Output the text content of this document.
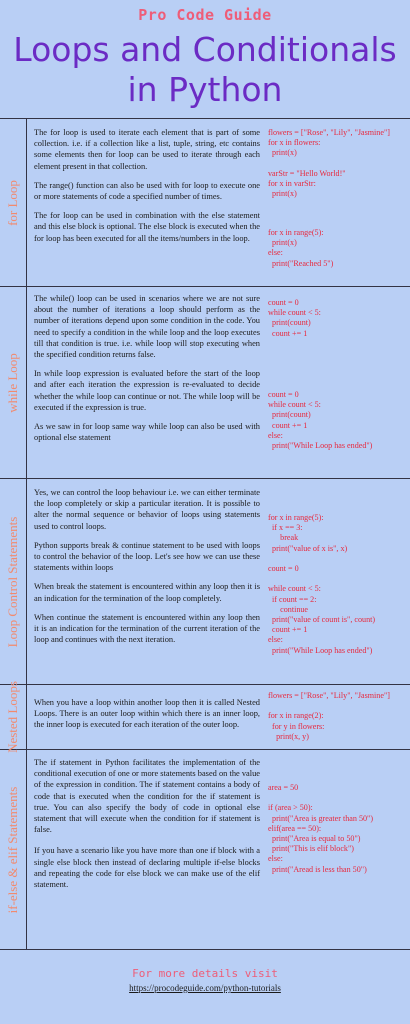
Pro Code Guide
Loops and Conditionals
in Python
for Loop

The for loop is used to iterate each element that is part of some collection. i.e. if a collection like a list, tuple, string, etc contains some elements then for loop can be used to iterate through each element present in that collection.

The range() function can also be used with for loop to execute one or more statements of code a specified number of times.

The for loop can be used in combination with the else statement and this else block is optional. The else block is executed when the for loop has been executed for all the items/numbers in the loop.

flowers = ["Rose", "Lily", "Jasmine"]
for x in flowers:
print(x)

varStr = "Hello World!"
for x in varStr:
print(x)
for x in range(5):
print(x)
else:
print("Reached 5")
while Loop

The while() loop can be used in scenarios where we are not sure about the number of iterations a loop should perform as the number of iterations depend upon some condition in the code. You need to specify a condition in the while loop and the loop executes till that condition is true. i.e. while loop will stop executing when the specified condition returns false.

In while loop expression is evaluated before the start of the loop and after each iteration the expression is re-evaluated to decide whether the while loop can continue or not. The while loop will be executed if the expression is true.

As we saw in for loop same way while loop can also be used with optional else statement

count = 0
while count < 5:
print(count)
count += 1
count = 0
while count < 5:
print(count)
count += 1
else:
print("While Loop has ended")
Loop Control Statements

Yes, we can control the loop behaviour i.e. we can either terminate the loop completely or skip a particular iteration. It is possible to alter the normal sequence or behavior of loops using statements used to control loops.

Python supports break & continue statement to be used with loops to control the behavior of the loop. Let's see how we can use these statements within loops

When break the statement is encountered within any loop then it is an indication for the termination of the loop completely.

When continue the statement is encountered within any loop then it is an indication for the termination of the current iteration of the loop and continues with the next iteration.

for x in range(5):
if x == 3:
break
print("value of x is", x)

count = 0

while count < 5:
if count == 2:
continue
print("value of count is", count)
count += 1
else:
print("While Loop has ended")
Nested Loops When you have a loop within another loop then it is called Nested Loops. There is an outer loop within which there is an inner loop, the inner loop is executed for each iteration of the outer loop.

flowers = ["Rose", "Lily", "Jasmine"]

for x in range(2):
for y in flowers:
print(x, y)
if-else & elif Statements

The if statement in Python facilitates the implementation of the conditional execution of one or more statements based on the value of the expression in condition. The if statement contains a body of code that is executed when the condition for the if statement is true. You can also specify the body of code in optional else statement that will execute when the condition for if statement is false.

If you have a scenario like you have more than one if block with a single else block then instead of declaring multiple if-else blocks and repeating the code for else block we can make use of the elif statement.

area = 50

if (area > 50):
print("Area is greater than 50")
elif(area == 50):
print("Area is equal to 50")
print("This is elif block")
else:
print("Aread is less than 50")
For more details visit
https://procodeguide.com/python-tutorials
